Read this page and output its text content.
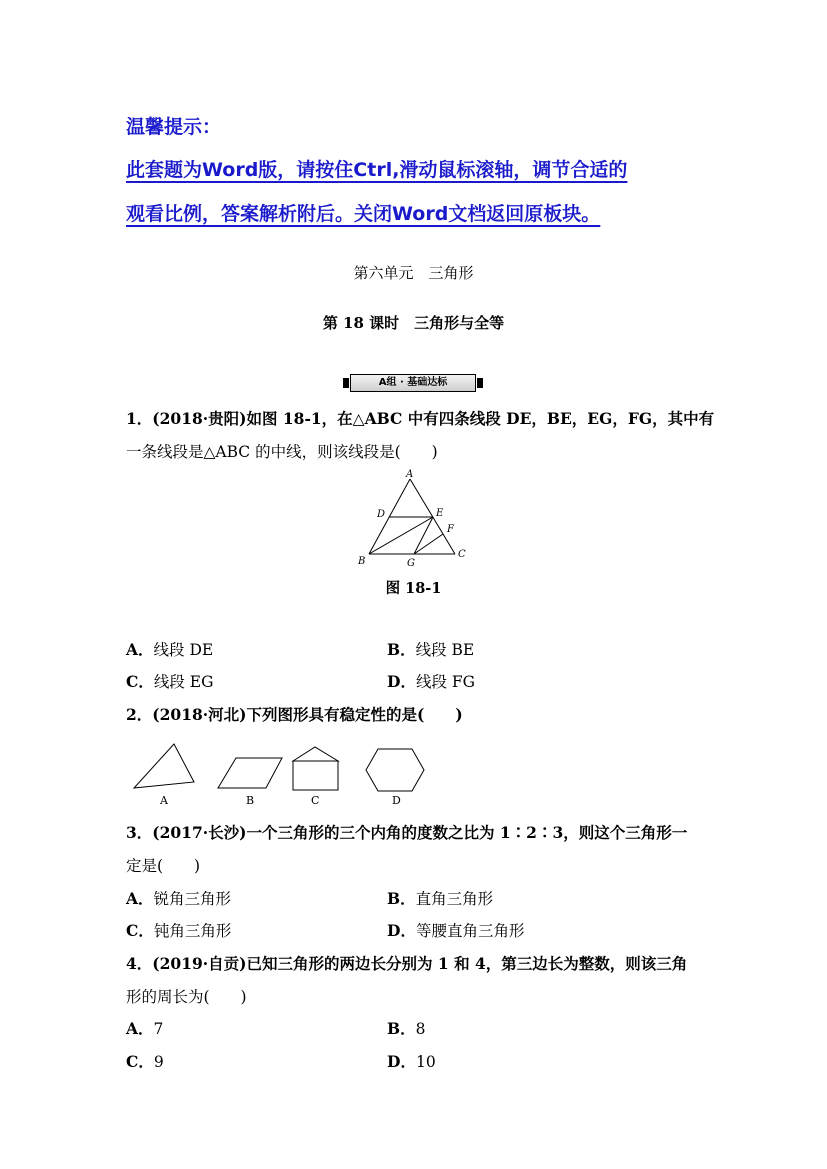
温馨提示：
此套题为Word版，请按住Ctrl,滑动鼠标滚轴，调节合适的
观看比例，答案解析附后。关闭Word文档返回原板块。
第六单元　三角形
第 18 课时　三角形与全等
A组 · 基础达标
1．(2018·贵阳)如图 18-1，在△ABC 中有四条线段 DE，BE，EG，FG，其中有
一条线段是△ABC 的中线，则该线段是(　　)
A
D	E
F
B	G
C
图 18-1
A．线段 DE	B．线段 BE
C．线段 EG	D．线段 FG
2．(2018·河北)下列图形具有稳定性的是(　　)
A	B	C	D
3．(2017·长沙)一个三角形的三个内角的度数之比为 1∶2∶3，则这个三角形一
定是(　　)
A．锐角三角形	B．直角三角形
C．钝角三角形	D．等腰直角三角形
4．(2019·自贡)已知三角形的两边长分别为 1 和 4，第三边长为整数，则该三角
形的周长为(　　)
A．7	B．8
C．9	D．10
